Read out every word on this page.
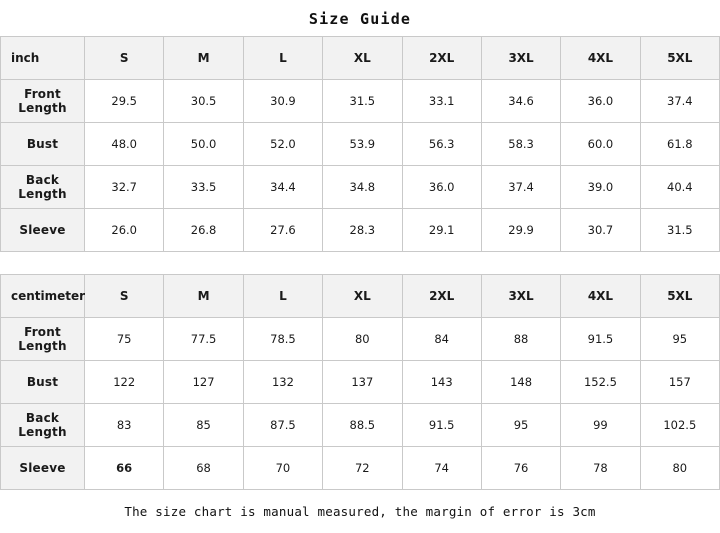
Size Guide
inch	S	M	L	XL	2XL	3XL	4XL	5XL
Front Length	29.5	30.5	30.9	31.5	33.1	34.6	36.0	37.4
Bust	48.0	50.0	52.0	53.9	56.3	58.3	60.0	61.8
Back Length	32.7	33.5	34.4	34.8	36.0	37.4	39.0	40.4
Sleeve	26.0	26.8	27.6	28.3	29.1	29.9	30.7	31.5
centimeter	S	M	L	XL	2XL	3XL	4XL	5XL
Front Length	75	77.5	78.5	80	84	88	91.5	95
Bust	122	127	132	137	143	148	152.5	157
Back Length	83	85	87.5	88.5	91.5	95	99	102.5
Sleeve	66	68	70	72	74	76	78	80
The size chart is manual measured, the margin of error is 3cm
